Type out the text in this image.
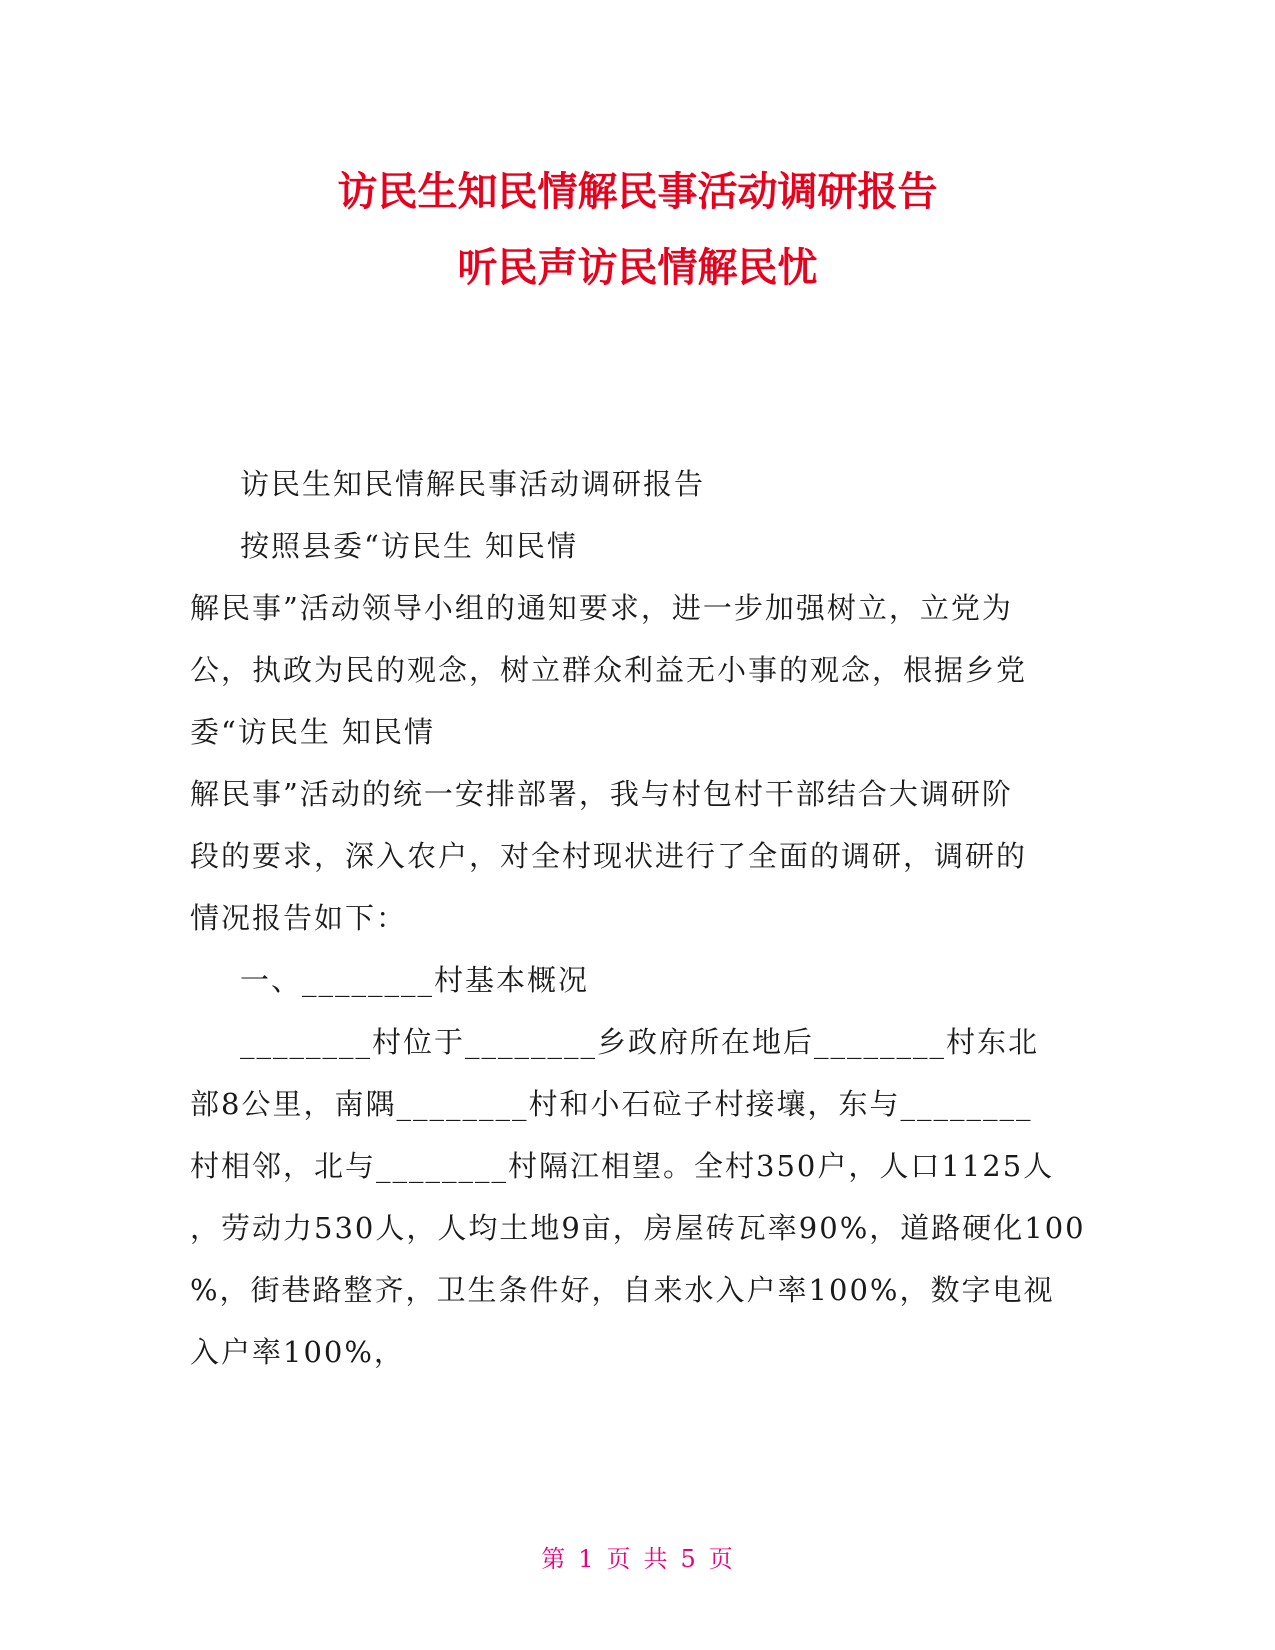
访民生知民情解民事活动调研报告
听民声访民情解民忧
访民生知民情解民事活动调研报告
按照县委“访民生 知民情
解民事”活动领导小组的通知要求，进一步加强树立，立党为
公，执政为民的观念，树立群众利益无小事的观念，根据乡党
委“访民生 知民情
解民事”活动的统一安排部署，我与村包村干部结合大调研阶
段的要求，深入农户，对全村现状进行了全面的调研，调研的
情况报告如下：
一、________村基本概况
________村位于________乡政府所在地后________村东北
部8公里，南隅________村和小石砬子村接壤，东与________
村相邻，北与________村隔江相望。全村350户，人口1125人
，劳动力530人，人均土地9亩，房屋砖瓦率90%，道路硬化100
%，街巷路整齐，卫生条件好，自来水入户率100%，数字电视
入户率100%，
第 1 页 共 5 页
